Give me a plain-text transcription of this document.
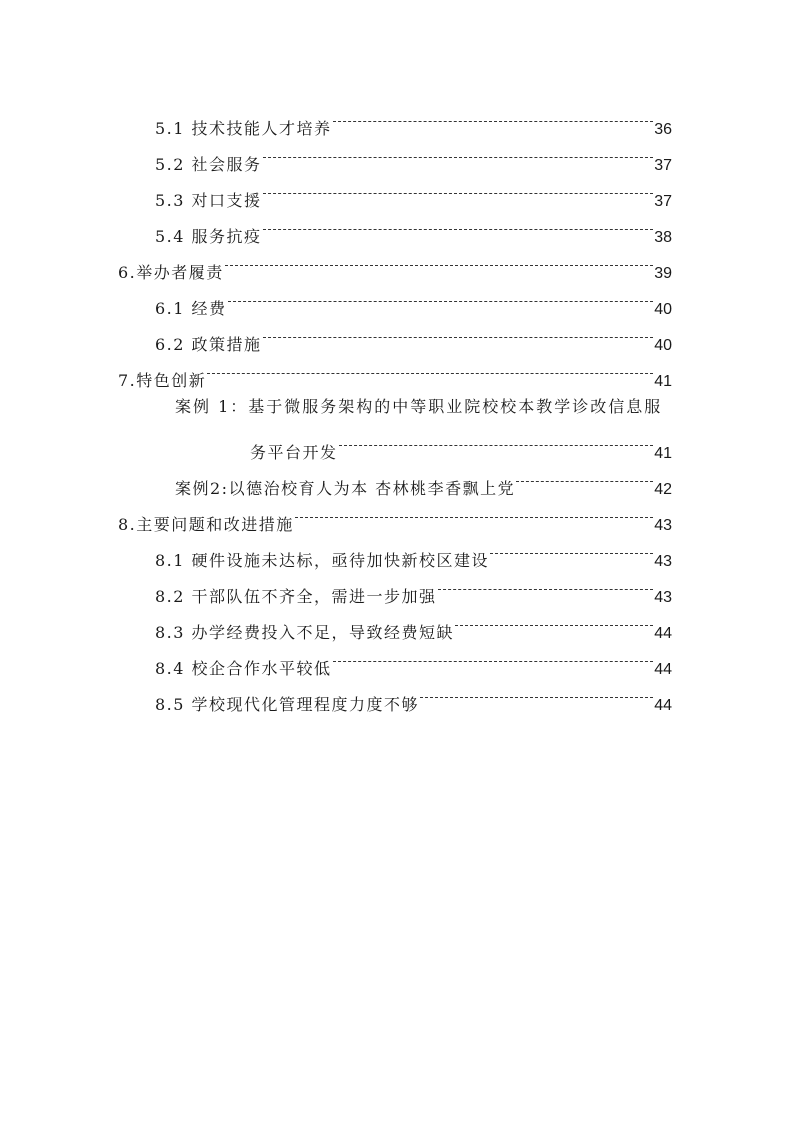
5.1 技术技能人才培养	36
5.2 社会服务	37
5.3 对口支援	37
5.4 服务抗疫	38
6.举办者履责	39
6.1 经费	40
6.2 政策措施	40
7.特色创新	41
案例 1：基于微服务架构的中等职业院校校本教学诊改信息服
务平台开发	41
案例2:以德治校育人为本 杏林桃李香飘上党	42
8.主要问题和改进措施	43
8.1 硬件设施未达标，亟待加快新校区建设	43
8.2 干部队伍不齐全，需进一步加强	43
8.3 办学经费投入不足，导致经费短缺	44
8.4 校企合作水平较低	44
8.5 学校现代化管理程度力度不够	44
